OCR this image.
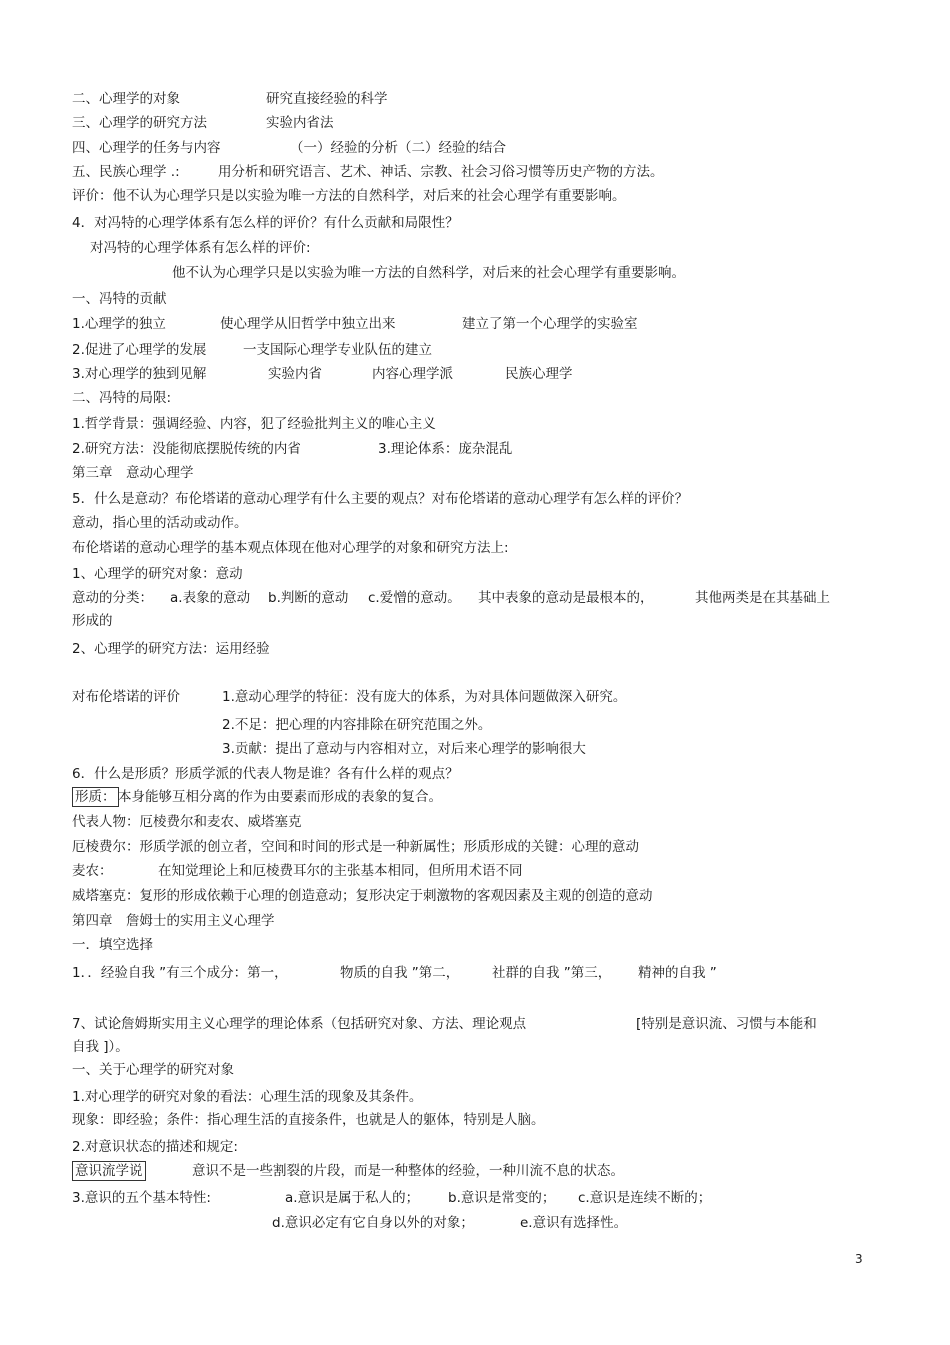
二、心理学的对象	研究直接经验的科学
三、心理学的研究方法	实验内省法
四、心理学的任务与内容	（一）经验的分析（二）经验的结合
五、民族心理学 .:	用分析和研究语言、艺术、神话、宗教、社会习俗习惯等历史产物的方法。
评价：他不认为心理学只是以实验为唯一方法的自然科学，对后来的社会心理学有重要影响。
4．对冯特的心理学体系有怎么样的评价？有什么贡献和局限性？
对冯特的心理学体系有怎么样的评价:
他不认为心理学只是以实验为唯一方法的自然科学，对后来的社会心理学有重要影响。
一、冯特的贡献
1.心理学的独立	使心理学从旧哲学中独立出来	建立了第一个心理学的实验室
2.促进了心理学的发展	一支国际心理学专业队伍的建立
3.对心理学的独到见解	实验内省	内容心理学派	民族心理学
二、冯特的局限:
1.哲学背景：强调经验、内容，犯了经验批判主义的唯心主义
2.研究方法：没能彻底摆脱传统的内省	3.理论体系：庞杂混乱
第三章　意动心理学
5．什么是意动？布伦塔诺的意动心理学有什么主要的观点？对布伦塔诺的意动心理学有怎么样的评价？
意动，指心里的活动或动作。
布伦塔诺的意动心理学的基本观点体现在他对心理学的对象和研究方法上:
1、心理学的研究对象：意动
意动的分类： a.表象的意动 b.判断的意动 c.爱憎的意动。 其中表象的意动是最根本的，	其他两类是在其基础上
形成的
2、心理学的研究方法：运用经验
对布伦塔诺的评价	1.意动心理学的特征：没有庞大的体系，为对具体问题做深入研究。
2.不足：把心理的内容排除在研究范围之外。
3.贡献：提出了意动与内容相对立，对后来心理学的影响很大
6．什么是形质？形质学派的代表人物是谁？各有什么样的观点？
形质： 本身能够互相分离的作为由要素而形成的表象的复合。
代表人物：厄棱费尔和麦农、威塔塞克
厄棱费尔：形质学派的创立者，空间和时间的形式是一种新属性；形质形成的关键：心理的意动
麦农：	在知觉理论上和厄棱费耳尔的主张基本相同，但所用术语不同
威塔塞克：复形的形成依赖于心理的创造意动；复形决定于刺激物的客观因素及主观的创造的意动
第四章　詹姆士的实用主义心理学
一．填空选择
1．．经验自我 ”有三个成分：第一，	物质的自我 ”第二， 社群的自我 ”第三， 精神的自我 ”
7、试论詹姆斯实用主义心理学的理论体系（包括研究对象、方法、理论观点	[特别是意识流、习惯与本能和
自我 ]）。
一、关于心理学的研究对象
1.对心理学的研究对象的看法：心理生活的现象及其条件。
现象：即经验；条件：指心理生活的直接条件，也就是人的躯体，特别是人脑。
2.对意识状态的描述和规定:
意识流学说	意识不是一些割裂的片段，而是一种整体的经验，一种川流不息的状态。
3.意识的五个基本特性:	a.意识是属于私人的； b.意识是常变的； c.意识是连续不断的；
d.意识必定有它自身以外的对象；	e.意识有选择性。
3
